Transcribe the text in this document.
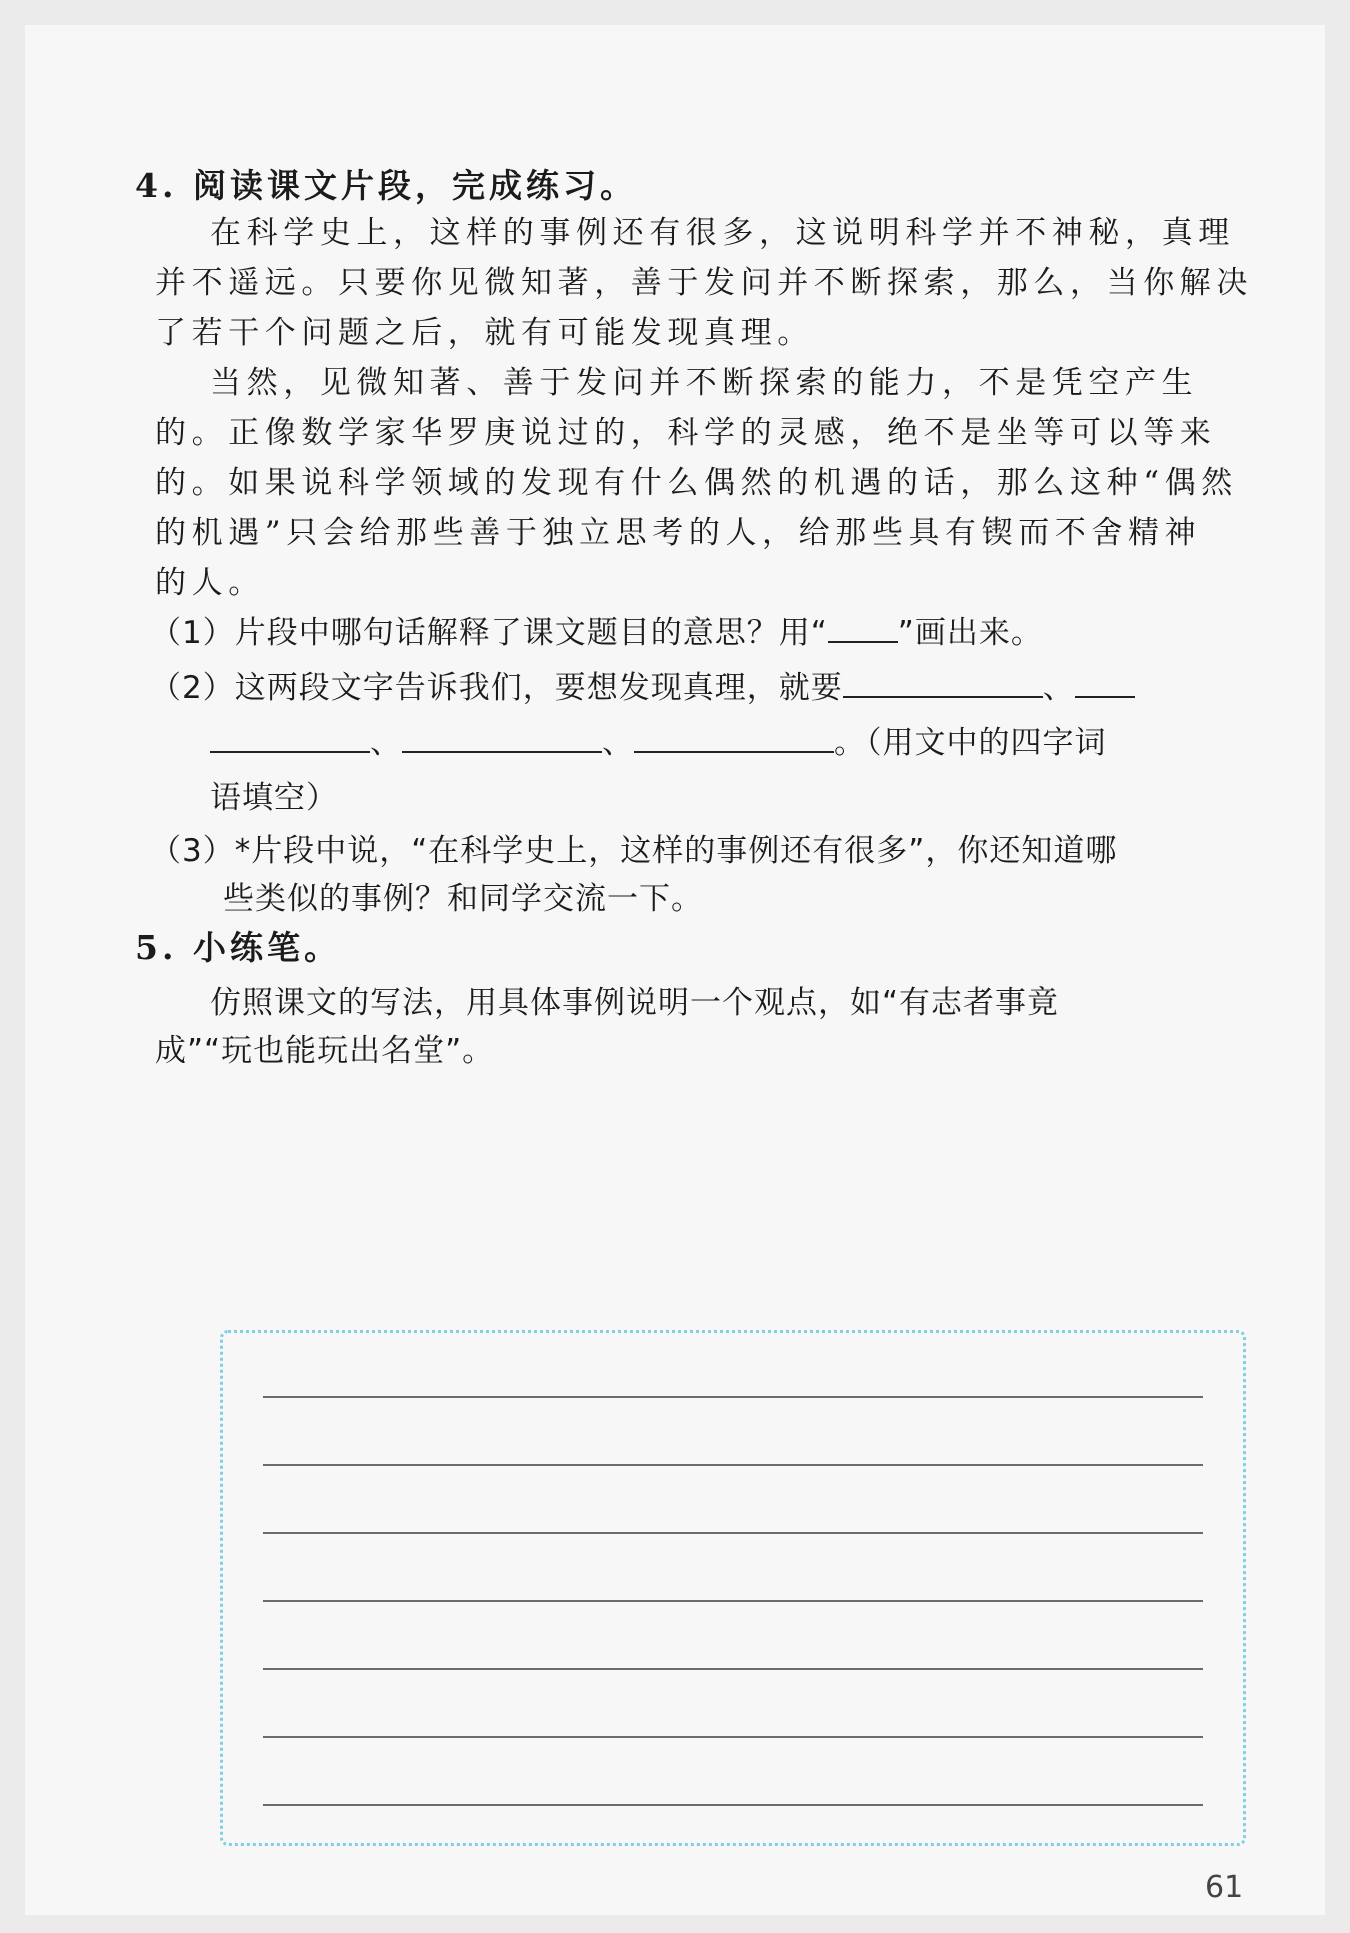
4. 阅读课文片段，完成练习。
在科学史上，这样的事例还有很多，这说明科学并不神秘，真理
并不遥远。只要你见微知著，善于发问并不断探索，那么，当你解决
了若干个问题之后，就有可能发现真理。
当然，见微知著、善于发问并不断探索的能力，不是凭空产生
的。正像数学家华罗庚说过的，科学的灵感，绝不是坐等可以等来
的。如果说科学领域的发现有什么偶然的机遇的话，那么这种“偶然
的机遇”只会给那些善于独立思考的人，给那些具有锲而不舍精神
的人。
（1）片段中哪句话解释了课文题目的意思？用“ ”画出来。
（2）这两段文字告诉我们，要想发现真理，就要	、
、	、	。（用文中的四字词
语填空）
（3）*片段中说，“在科学史上，这样的事例还有很多”，你还知道哪
些类似的事例？和同学交流一下。
5. 小练笔。
仿照课文的写法，用具体事例说明一个观点，如“有志者事竟
成”“玩也能玩出名堂”。
61
